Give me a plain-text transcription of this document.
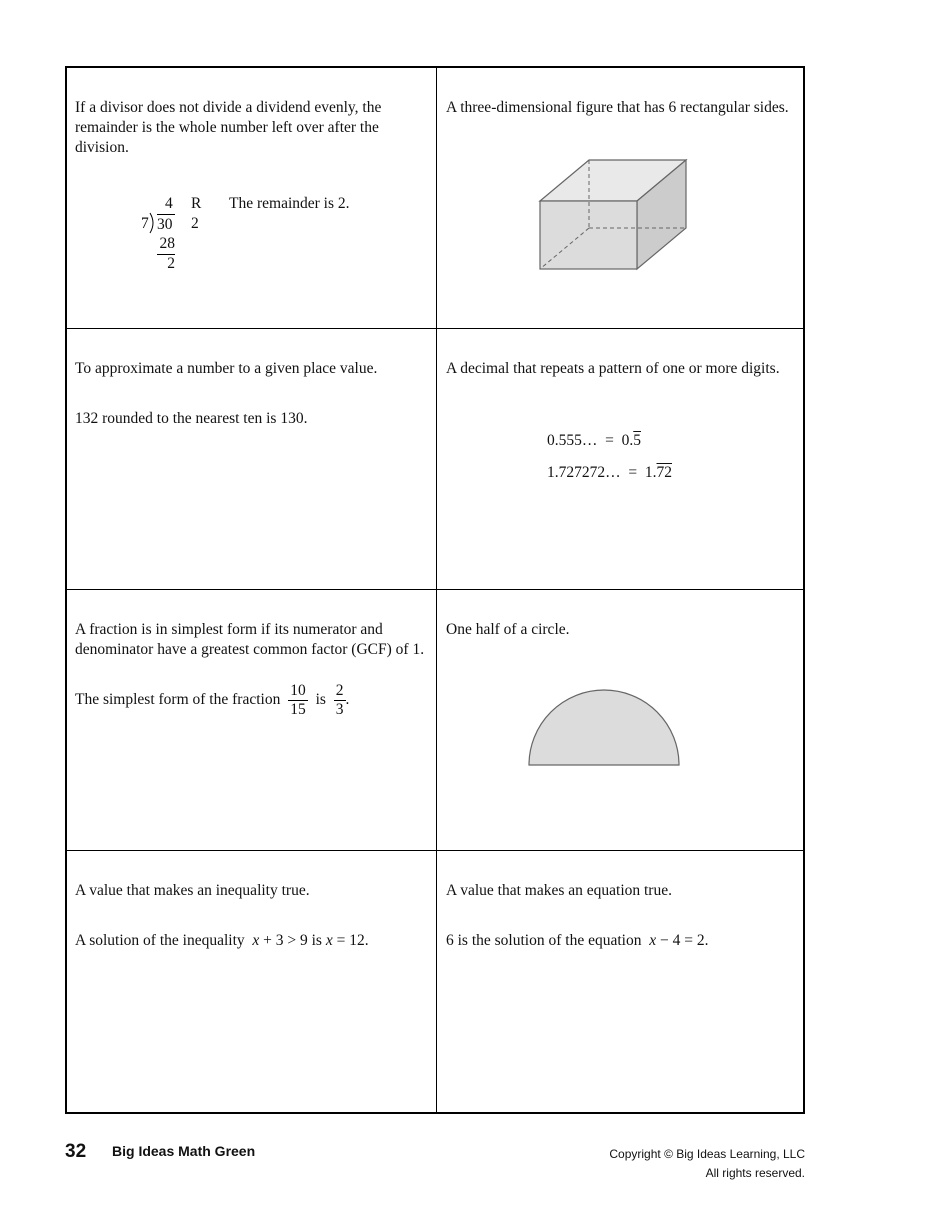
If a divisor does not divide a dividend evenly, the remainder is the whole number left over after the division.

4 R 2
The remainder is 2.
7 30
28
2

A three-dimensional figure that has 6 rectangular sides.

To approximate a number to a given place value.

132 rounded to the nearest ten is 130.

A decimal that repeats a pattern of one or more digits.

0.555… = 0.5
1.727272… = 1.72

A fraction is in simplest form if its numerator and denominator have a greatest common factor (GCF) of 1.

The simplest form of the fraction $\frac{10}{15}$ is $\frac{2}{3}$ .

One half of a circle.

A value that makes an inequality true.

A solution of the inequality x + 3 > 9 is x = 12.

A value that makes an equation true.

6 is the solution of the equation x − 4 = 2.

32 Big Ideas Math Green	Copyright © Big Ideas Learning, LLC
All rights reserved.
